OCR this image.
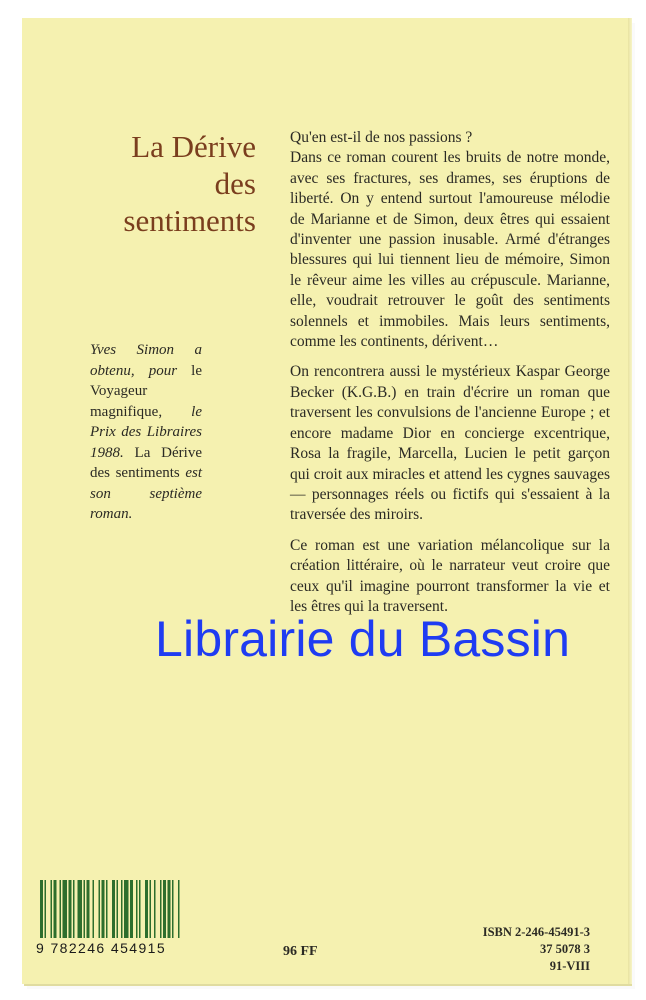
La Dérive
des
sentiments
Yves Simon a obtenu, pour le Voyageur magnifique, le Prix des Libraires 1988. La Dérive des sentiments est son septième roman.

Qu'en est-il de nos passions ?
Dans ce roman courent les bruits de notre monde, avec ses fractures, ses drames, ses éruptions de liberté. On y entend surtout l'amoureuse mélodie de Marianne et de Simon, deux êtres qui essaient d'inventer une passion inusable. Armé d'étranges blessures qui lui tiennent lieu de mémoire, Simon le rêveur aime les villes au crépuscule. Marianne, elle, voudrait retrouver le goût des sentiments solennels et immobiles. Mais leurs sentiments, comme les continents, dérivent…

On rencontrera aussi le mystérieux Kaspar George Becker (K.G.B.) en train d'écrire un roman que traversent les convulsions de l'ancienne Europe ; et encore madame Dior en concierge excentrique, Rosa la fragile, Marcella, Lucien le petit garçon qui croit aux miracles et attend les cygnes sauvages — personnages réels ou fictifs qui s'essaient à la traversée des miroirs.

Ce roman est une variation mélancolique sur la création littéraire, où le narrateur veut croire que ceux qu'il imagine pourront transformer la vie et les êtres qui la traversent.

Librairie du Bassin
9 782246 454915	96 FF
ISBN 2-246-45491-3
37 5078 3
91-VIII
